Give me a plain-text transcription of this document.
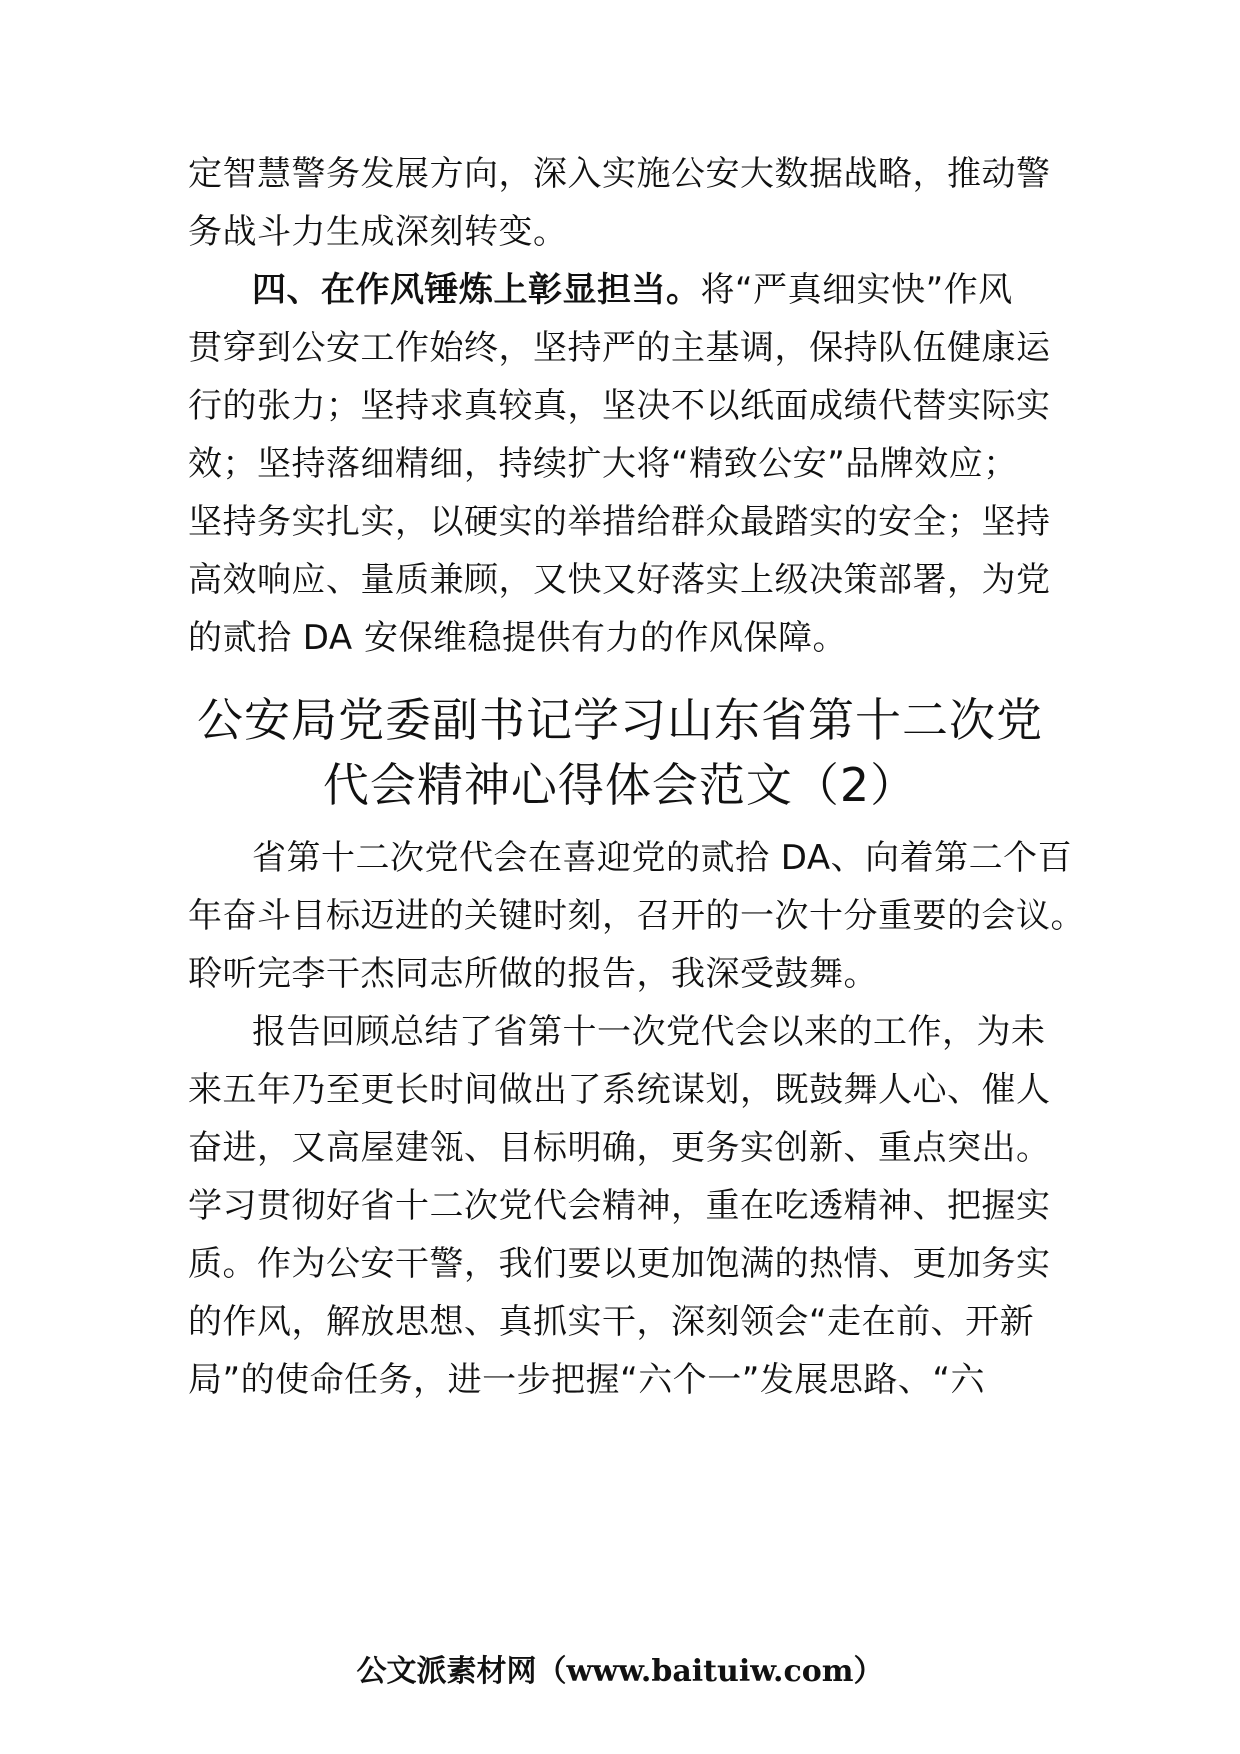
定智慧警务发展方向，深入实施公安大数据战略，推动警
务战斗力生成深刻转变。
四、在作风锤炼上彰显担当。将“严真细实快”作风
贯穿到公安工作始终，坚持严的主基调，保持队伍健康运
行的张力；坚持求真较真，坚决不以纸面成绩代替实际实
效；坚持落细精细，持续扩大将“精致公安”品牌效应；
坚持务实扎实，以硬实的举措给群众最踏实的安全；坚持
高效响应、量质兼顾，又快又好落实上级决策部署，为党
的贰拾 DA 安保维稳提供有力的作风保障。
公安局党委副书记学习山东省第十二次党
代会精神心得体会范文（2）
省第十二次党代会在喜迎党的贰拾 DA、向着第二个百
年奋斗目标迈进的关键时刻，召开的一次十分重要的会议。
聆听完李干杰同志所做的报告，我深受鼓舞。
报告回顾总结了省第十一次党代会以来的工作，为未
来五年乃至更长时间做出了系统谋划，既鼓舞人心、催人
奋进，又高屋建瓴、目标明确，更务实创新、重点突出。
学习贯彻好省十二次党代会精神，重在吃透精神、把握实
质。作为公安干警，我们要以更加饱满的热情、更加务实
的作风，解放思想、真抓实干，深刻领会“走在前、开新
局”的使命任务，进一步把握“六个一”发展思路、“六
公文派素材网（www.baituiw.com）
